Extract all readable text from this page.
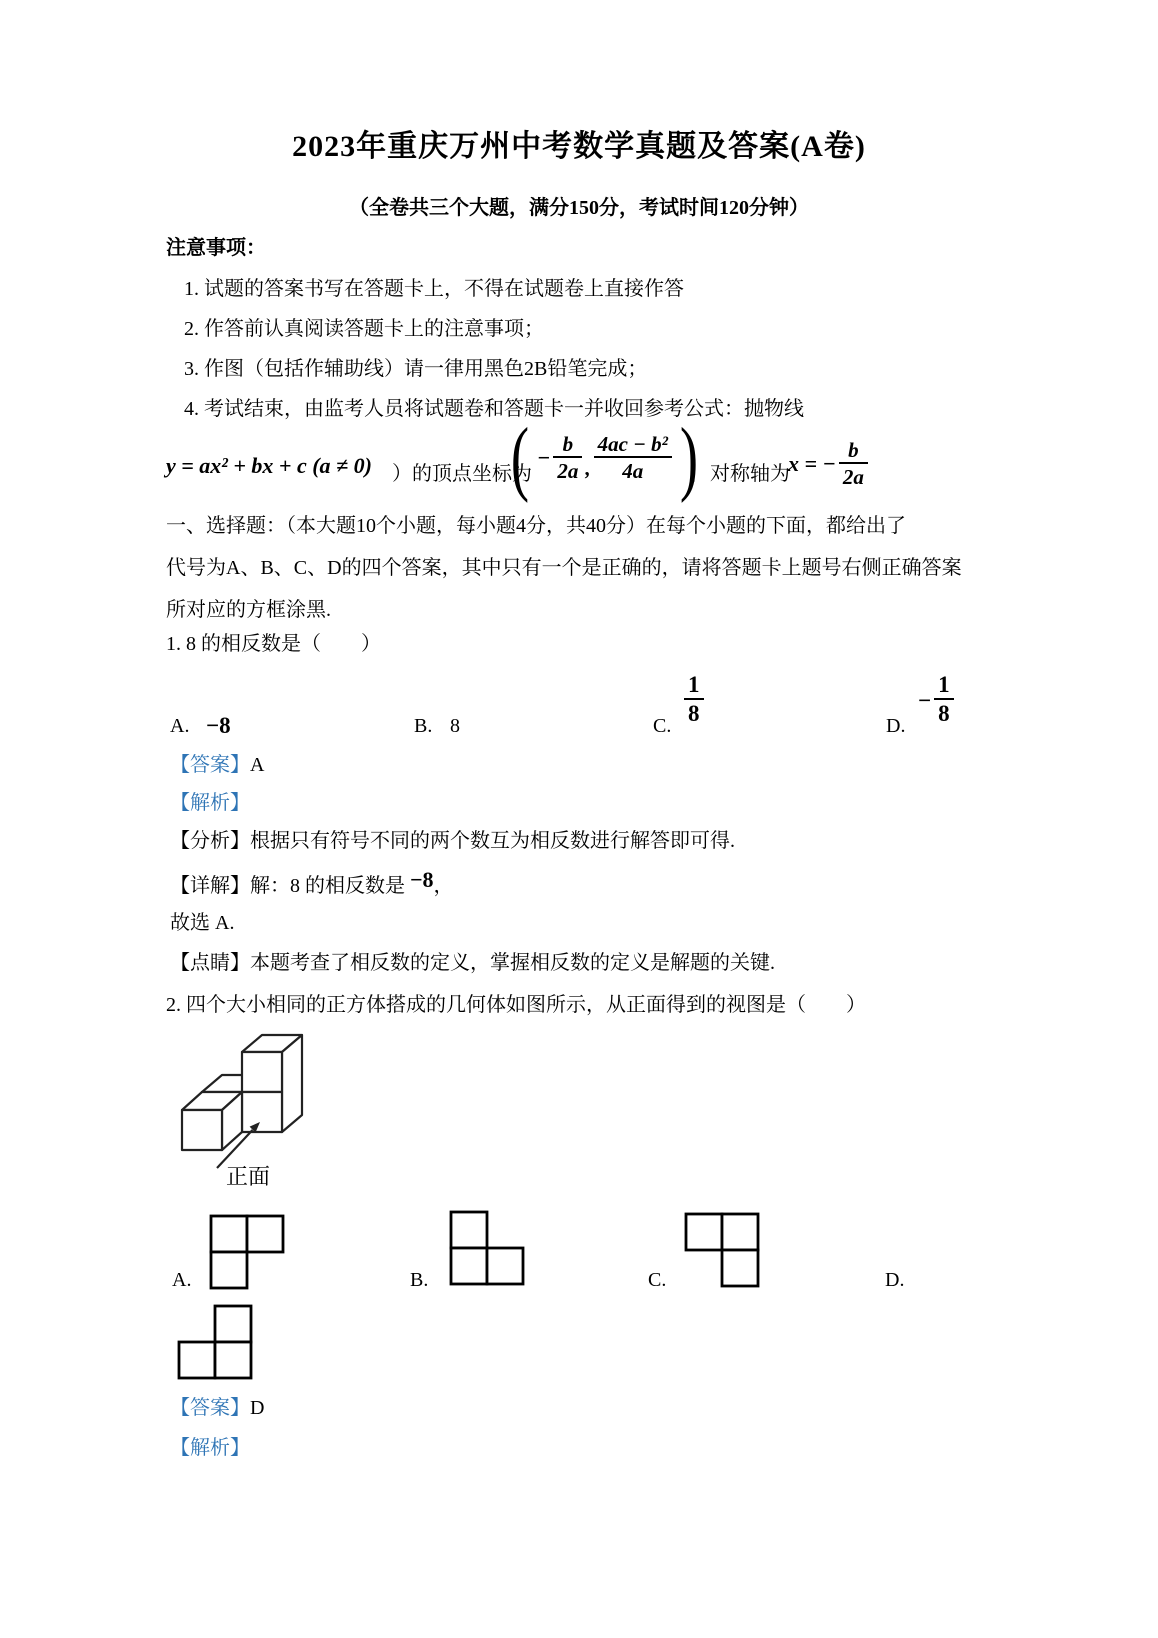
2023年重庆万州中考数学真题及答案(A卷)
（全卷共三个大题，满分150分，考试时间120分钟）
注意事项：
1. 试题的答案书写在答题卡上，不得在试题卷上直接作答
2. 作答前认真阅读答题卡上的注意事项；
3. 作图（包括作辅助线）请一律用黑色2B铅笔完成；
4. 考试结束，由监考人员将试题卷和答题卡一并收回参考公式：抛物线
y = ax² + bx + c (a ≠ 0) ）的顶点坐标为
( − $\frac{b}{2a}$ , $\frac{\text{4ac − b²}}{4a}$ )
，对称轴为
x = − $\frac{b}{2a}$
一、选择题：（本大题10个小题，每小题4分，共40分）在每个小题的下面，都给出了
代号为A、B、C、D的四个答案，其中只有一个是正确的，请将答题卡上题号右侧正确答案
所对应的方框涂黑.
1. 8 的相反数是（　　）
A. −8	B. 8	C. $\frac{1}{8}$	D.
− $\frac{1}{8}$
【答案】A
【解析】
【分析】根据只有符号不同的两个数互为相反数进行解答即可得.
【详解】解：8 的相反数是 −8，
故选 A.
【点睛】本题考查了相反数的定义，掌握相反数的定义是解题的关键.
2. 四个大小相同的正方体搭成的几何体如图所示，从正面得到的视图是（　　）
正面
A.	B.	C.	D.
【答案】D
【解析】
